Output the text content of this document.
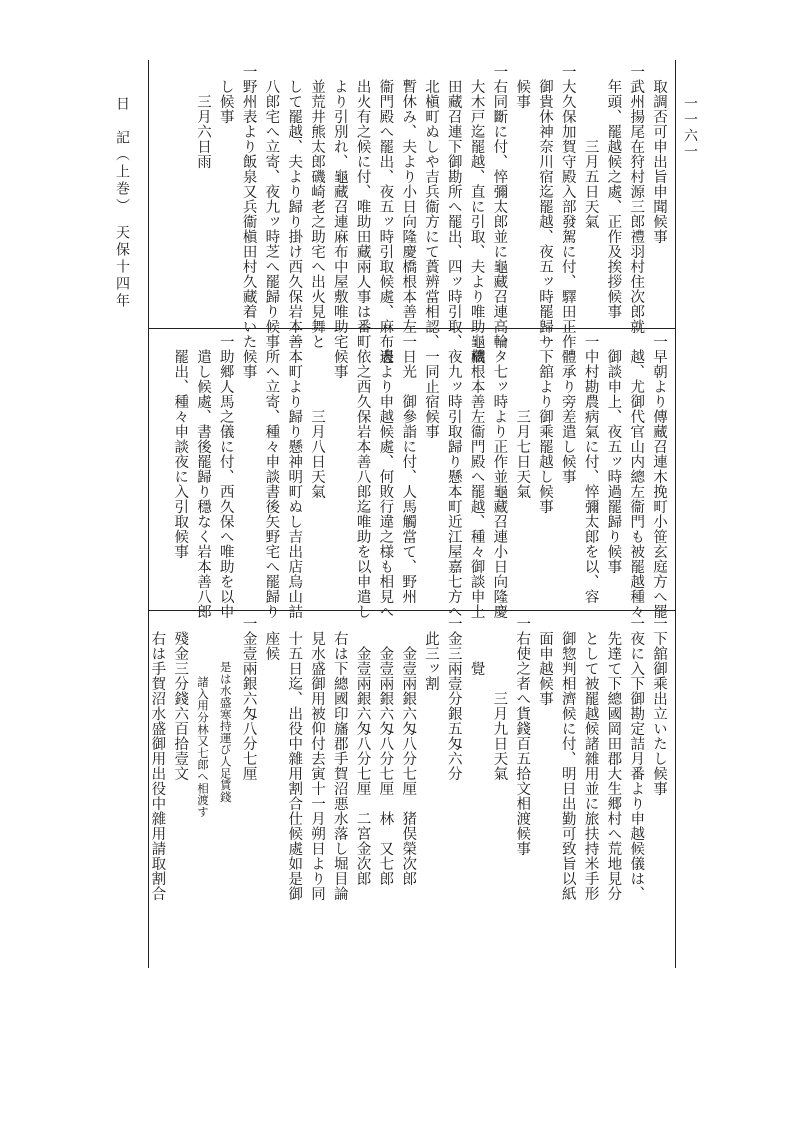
日　記（上巻）　天保十四年	一一六一
取調否可申出旨申聞候事
一武州揚尾在狩村源三郎禮羽村住次郎就
年頭、罷越候之處、正作及挨拶候事
三月五日天氣
一大久保加賀守殿入部發駕に付、驛田正作
御貴休神奈川宿迄罷越、夜五ッ時罷歸り
候事
一右同斷に付、悴彌太郎並に龜藏召連高輪
大木戸迄罷越、直に引取、夫より唯助龜藏
田藏召連下御勘所へ罷出、四ッ時引取、
北槇町ぬしや吉兵衞方にて蕢辨當相認、
暫休み、夫より小日向隆慶橋根本善左
衞門殿へ罷出、夜五ッ時引取候處、麻布邊
出火有之候に付、唯助田藏兩人事は番町
より引別れ、龜藏召連麻布中屋敷唯助宅
並荒井熊太郎磯崎老之助宅へ出火見舞と
して罷越、夫より歸り掛け西久保岩本善
八郎宅へ立寄、夜九ッ時芝へ罷歸り候事
一野州表より飯泉又兵衞槇田村久藏着いた
し候事
三月六日雨
一早朝より傳藏召連木挽町小笹玄庭方へ罷
越、尤御代官山内總左衞門も被罷越種々
御談申上、夜五ッ時過罷歸り候事
一中村勘農病氣に付、悴彌太郎を以、容
體承り旁差遣し候事
一下舘より御乘罷越し候事
三月七日天氣
一タ七ッ時より正作並龜藏召連小日向隆慶
橋根本善左衞門殿へ罷越、種々御談申上
夜九ッ時引取歸り懸本町近江屋嘉七方へ
一同止宿候事
一日光　御參詣に付、人馬觸當て、野州
表より申越候處、何敗行違之様も相見へ
依之西久保岩本善八郎迄唯助を以申遣し
候事
三月八日天氣
一本町より歸り懸神明町ぬし吉出店烏山詰
所へ立寄、種々申談書後矢野宅へ罷歸り
候事
一助郷人馬之儀に付、西久保へ唯助を以申
遣し候處、書後罷歸り穩なく岩本善八郎
罷出、種々申談夜に入引取候事
一下舘御乘出立いたし候事
一夜に入下御勘定詰月番より申越候儀は、
先達て下總國岡田郡大生郷村へ荒地見分
として被罷越候諸雜用並に旅扶持米手形
御惣判相濟候に付、明日出勤可致旨以紙
面申越候事
一右使之者へ貨錢百五拾文相渡候事
三月九日天氣
覺
一金三兩壹分銀五匁六分
此三ッ割
金壹兩銀六匁八分七厘　猪俣榮次郎
金壹兩銀六匁八分七厘　林　又七郎
金壹兩銀六匁八分七厘　二宮金次郎
右は下總國印旛郡手賀沼悪水落し堀目論
見水盛御用被仰付去寅十一月朔日より同
十五日迄、出役中雜用割合仕候處如是御
座候
一金壹兩銀六匁八分七厘
是は水盛寒持運び人足賃錢
諸入用分林又七郎へ相渡す
殘金三分錢六百拾壹文
右は手賀沼水盛御用出役中雜用請取割合
